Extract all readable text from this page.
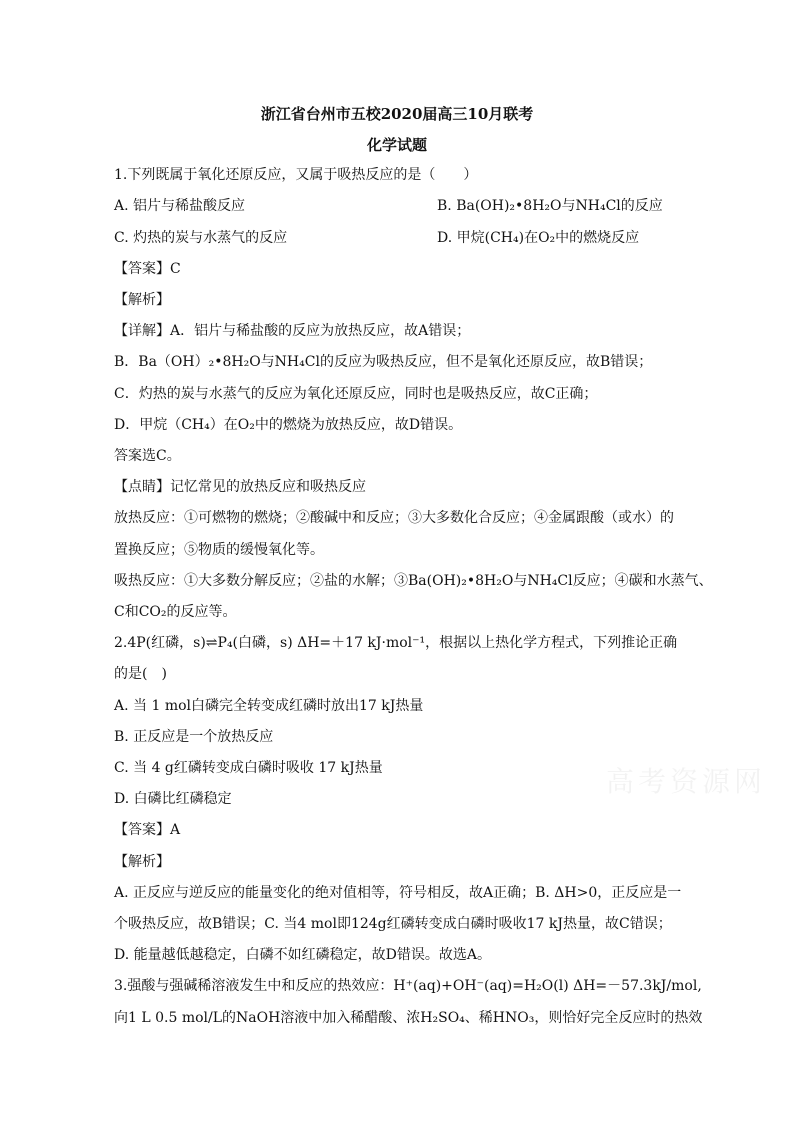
高考资源网
浙江省台州市五校2020届高三10月联考
化学试题
1.下列既属于氧化还原反应，又属于吸热反应的是（　　）
A. 铝片与稀盐酸反应	B. Ba(OH)₂•8H₂O与NH₄Cl的反应
C. 灼热的炭与水蒸气的反应	D. 甲烷(CH₄)在O₂中的燃烧反应
【答案】C
【解析】
【详解】A．铝片与稀盐酸的反应为放热反应，故A错误；
B．Ba（OH）₂•8H₂O与NH₄Cl的反应为吸热反应，但不是氧化还原反应，故B错误；
C．灼热的炭与水蒸气的反应为氧化还原反应，同时也是吸热反应，故C正确；
D．甲烷（CH₄）在O₂中的燃烧为放热反应，故D错误。
答案选C。
【点睛】记忆常见的放热反应和吸热反应
放热反应：①可燃物的燃烧；②酸碱中和反应；③大多数化合反应；④金属跟酸（或水）的
置换反应；⑤物质的缓慢氧化等。
吸热反应：①大多数分解反应；②盐的水解；③Ba(OH)₂•8H₂O与NH₄Cl反应；④碳和水蒸气、
C和CO₂的反应等。
2.4P(红磷，s)⇌P₄(白磷，s) ΔH=＋17 kJ·mol⁻¹，根据以上热化学方程式，下列推论正确
的是(　)
A. 当 1 mol白磷完全转变成红磷时放出17 kJ热量
B. 正反应是一个放热反应
C. 当 4 g红磷转变成白磷时吸收 17 kJ热量
D. 白磷比红磷稳定
【答案】A
【解析】
A. 正反应与逆反应的能量变化的绝对值相等，符号相反，故A正确；B. ΔH>0，正反应是一
个吸热反应，故B错误；C. 当4 mol即124g红磷转变成白磷时吸收17 kJ热量，故C错误；
D. 能量越低越稳定，白磷不如红磷稳定，故D错误。故选A。
3.强酸与强碱稀溶液发生中和反应的热效应：H⁺(aq)+OH⁻(aq)=H₂O(l) ΔH=－57.3kJ/mol,
向1 L 0.5 mol/L的NaOH溶液中加入稀醋酸、浓H₂SO₄、稀HNO₃，则恰好完全反应时的热效
